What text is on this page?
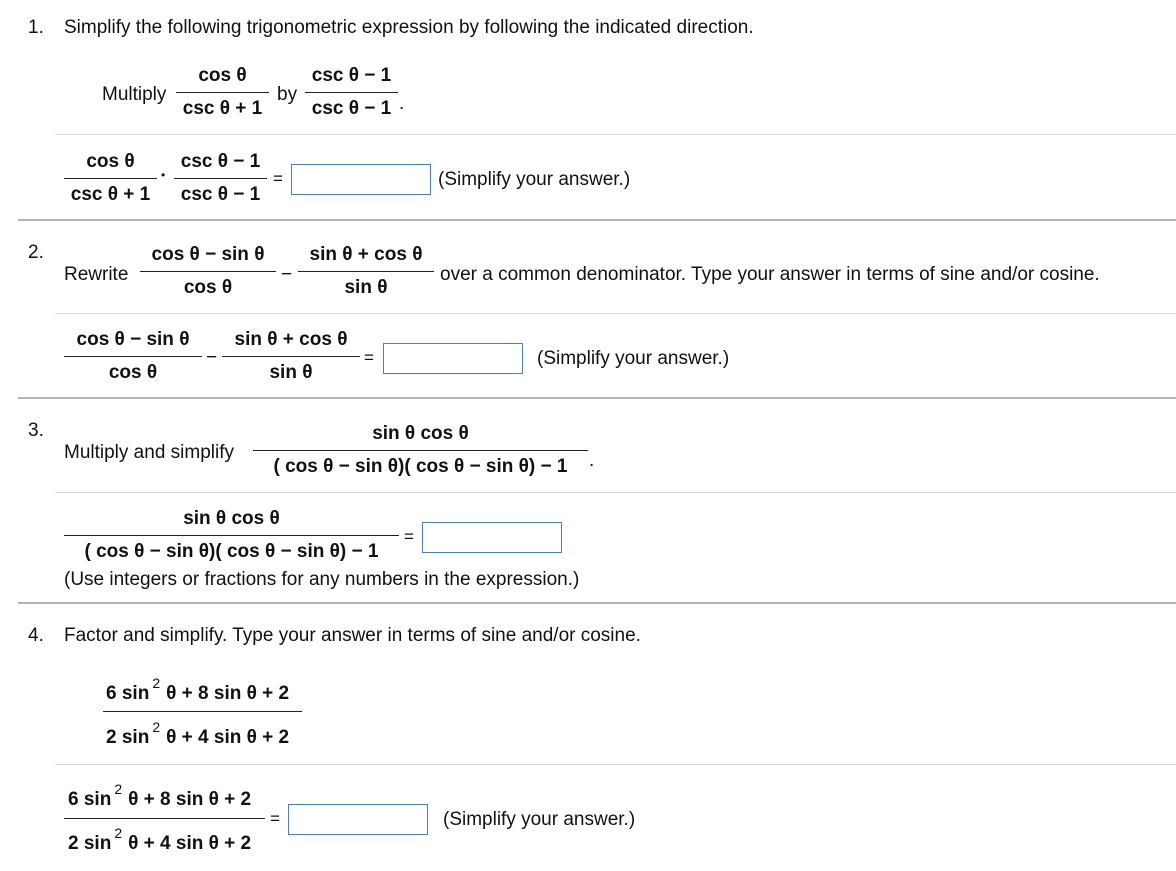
1. Simplify the following trigonometric expression by following the indicated direction.
Multiply
cos θ
csc θ + 1
by
csc θ − 1
csc θ − 1 .
cos θ
csc θ + 1
•
csc θ − 1
csc θ − 1
=	(Simplify your answer.)
2.
Rewrite
cos θ − sin θ
cos θ
−
sin θ + cos θ
sin θ
over a common denominator. Type your answer in terms of sine and/or cosine.
cos θ − sin θ
cos θ
−
sin θ + cos θ
sin θ
=	(Simplify your answer.)
3.
Multiply and simplify
sin θ cos θ
( cos θ − sin θ)( cos θ − sin θ) − 1	.
sin θ cos θ
( cos θ − sin θ)( cos θ − sin θ) − 1
=
(Use integers or fractions for any numbers in the expression.)
4. Factor and simplify. Type your answer in terms of sine and/or cosine.
6 sin $^2$ θ + 8 sin θ + 2
2 sin $^2$ θ + 4 sin θ + 2
6 sin $^2$ θ + 8 sin θ + 2
2 sin $^2$ θ + 4 sin θ + 2
=	(Simplify your answer.)
